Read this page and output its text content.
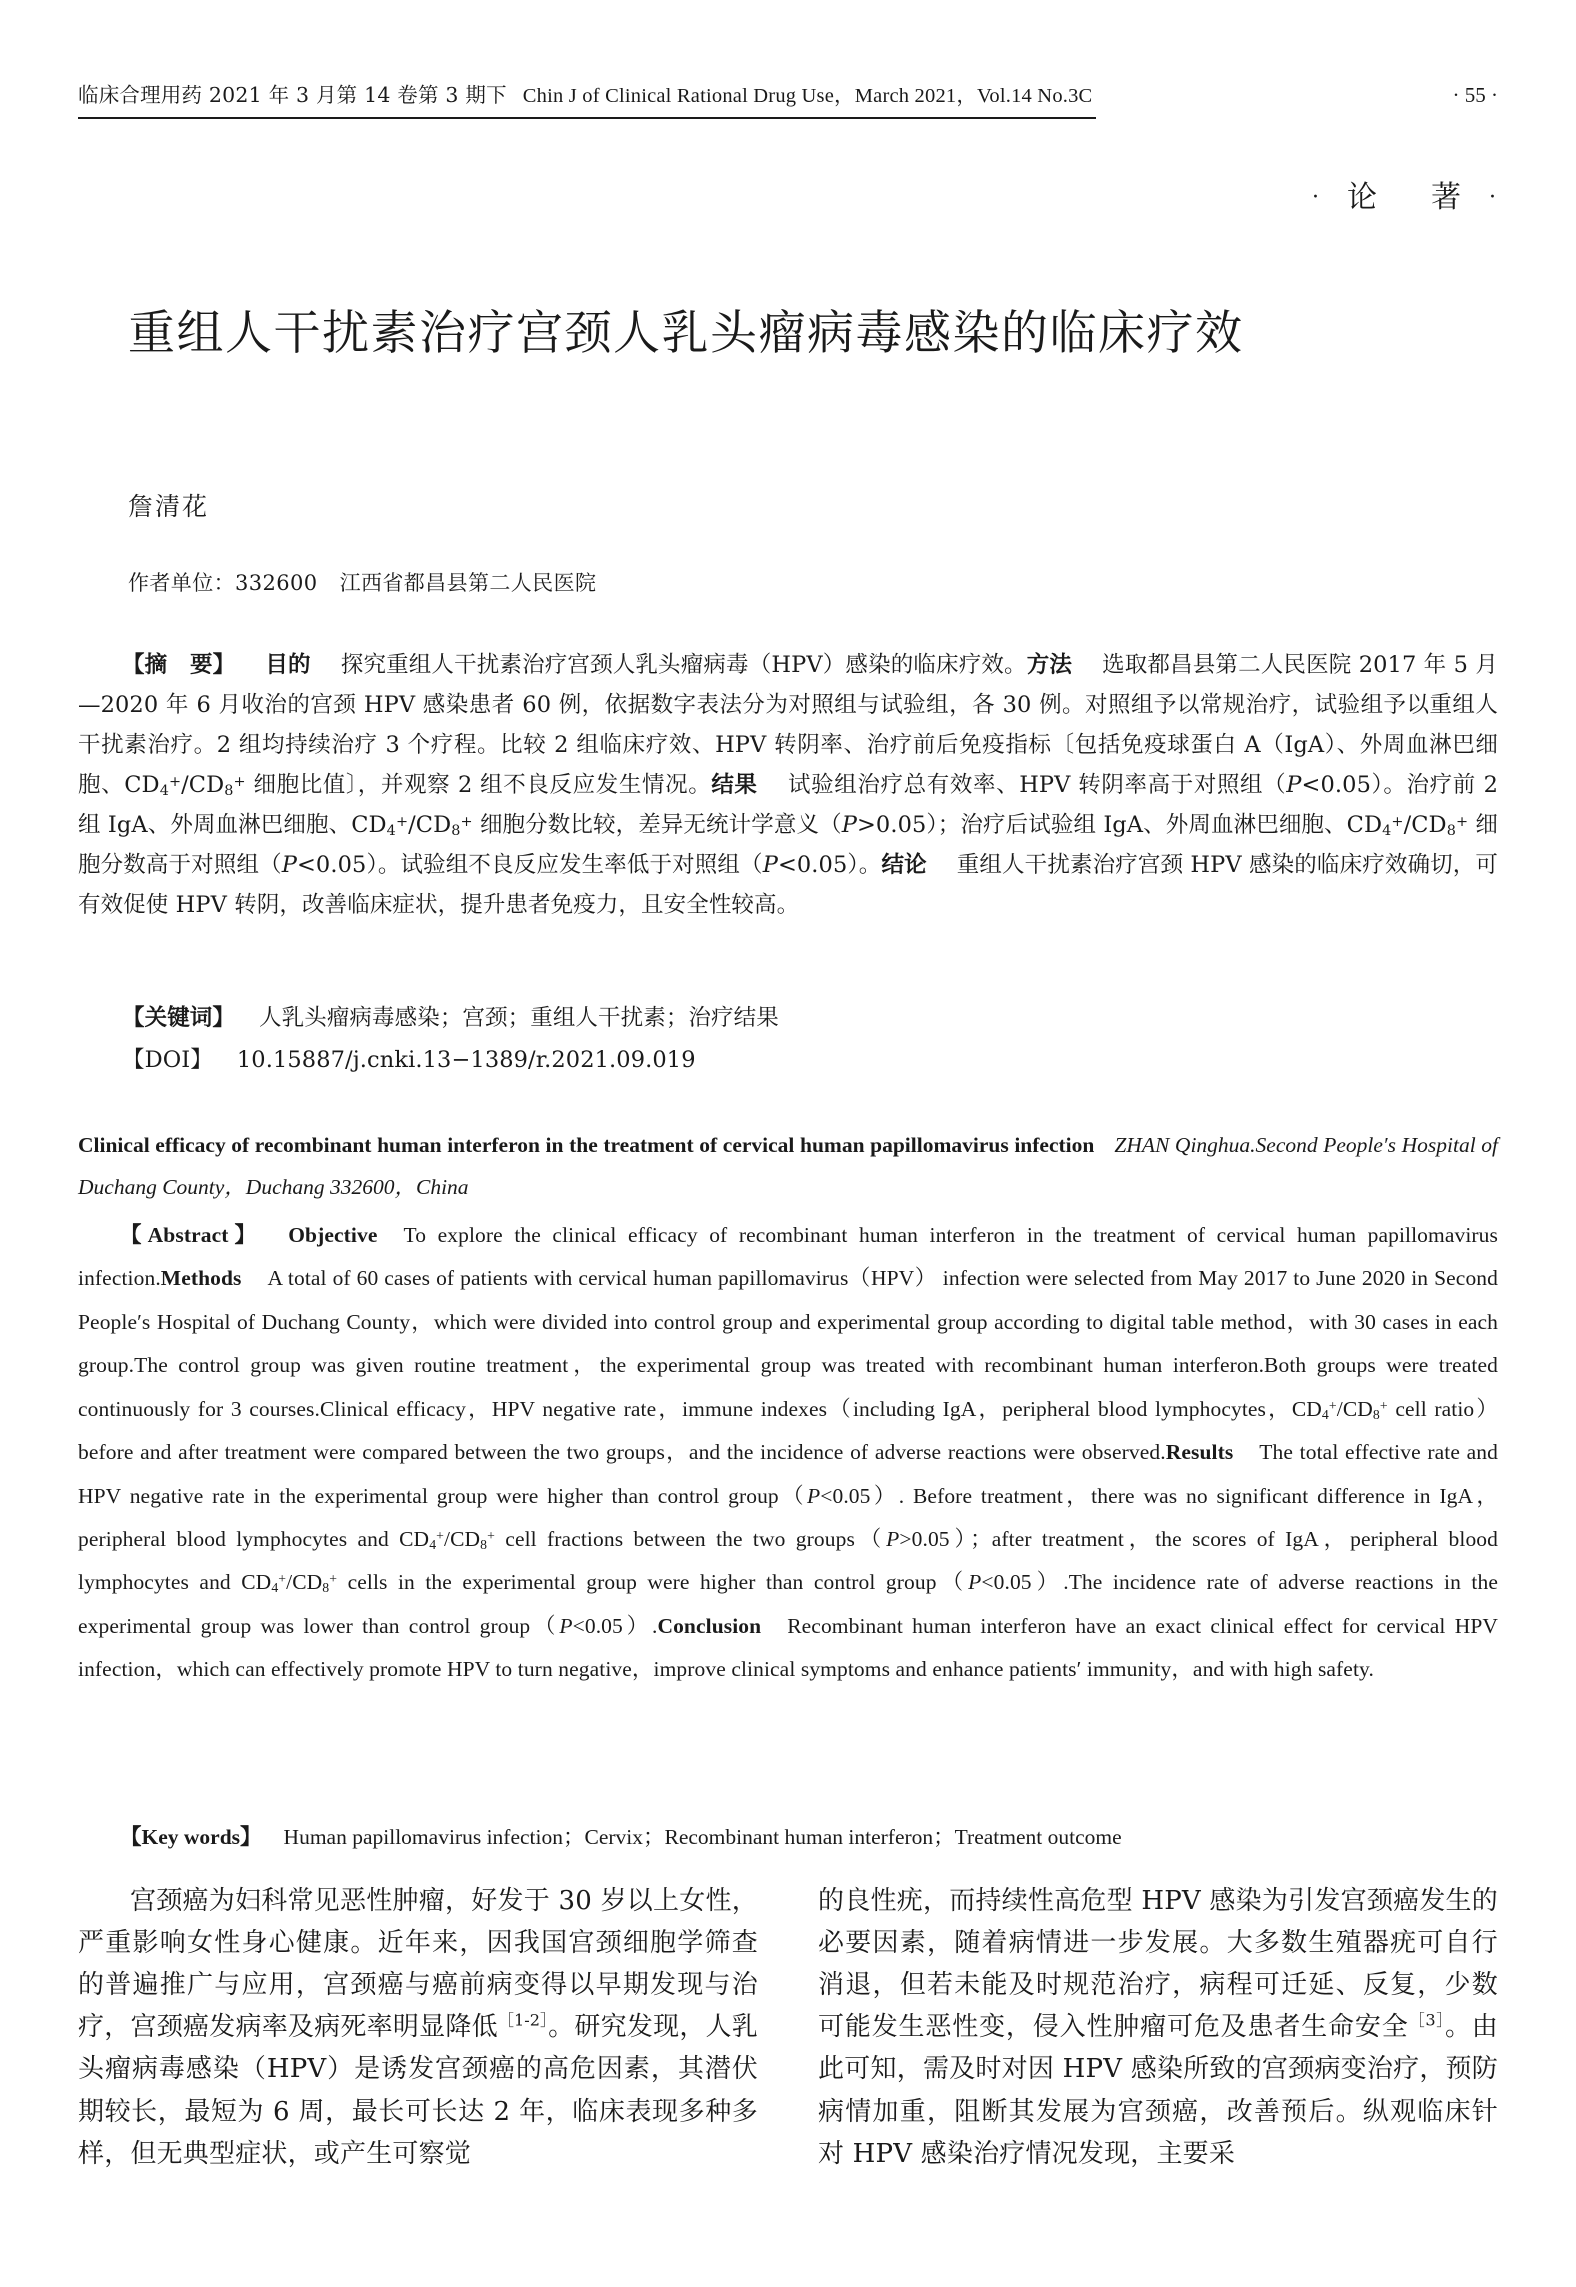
临床合理用药 2021 年 3 月第 14 卷第 3 期下 Chin J of Clinical Rational Drug Use，March 2021，Vol.14 No.3C	· 55 ·
· 论 著 ·
重组人干扰素治疗宫颈人乳头瘤病毒感染的临床疗效
詹清花
作者单位：332600 江西省都昌县第二人民医院
【摘　要】 目的 探究重组人干扰素治疗宫颈人乳头瘤病毒（HPV）感染的临床疗效。方法 选取都昌县第二人民医院 2017 年 5 月—2020 年 6 月收治的宫颈 HPV 感染患者 60 例，依据数字表法分为对照组与试验组，各 30 例。对照组予以常规治疗，试验组予以重组人干扰素治疗。2 组均持续治疗 3 个疗程。比较 2 组临床疗效、HPV 转阴率、治疗前后免疫指标〔包括免疫球蛋白 A（IgA）、外周血淋巴细胞、$CD_4^+/CD_8^+$ 细胞比值〕，并观察 2 组不良反应发生情况。结果 试验组治疗总有效率、HPV 转阴率高于对照组（P<0.05）。治疗前 2 组 IgA、外周血淋巴细胞、$CD_4^+/CD_8^+$ 细胞分数比较，差异无统计学意义（P>0.05）；治疗后试验组 IgA、外周血淋巴细胞、$CD_4^+/CD_8^+$ 细胞分数高于对照组（P<0.05）。试验组不良反应发生率低于对照组（P<0.05）。结论 重组人干扰素治疗宫颈 HPV 感染的临床疗效确切，可有效促使 HPV 转阴，改善临床症状，提升患者免疫力，且安全性较高。
【关键词】 人乳头瘤病毒感染；宫颈；重组人干扰素；治疗结果
【DOI】 10.15887/j.cnki.13−1389/r.2021.09.019
Clinical efficacy of recombinant human interferon in the treatment of cervical human papillomavirus infection ZHAN Qinghua.Second People′s Hospital of Duchang County，Duchang 332600，China
【Abstract】 Objective To explore the clinical efficacy of recombinant human interferon in the treatment of cervical human papillomavirus infection.Methods A total of 60 cases of patients with cervical human papillomavirus（HPV） infection were selected from May 2017 to June 2020 in Second People′s Hospital of Duchang County，which were divided into control group and experimental group according to digital table method，with 30 cases in each group.The control group was given routine treatment，the experimental group was treated with recombinant human interferon.Both groups were treated continuously for 3 courses.Clinical efficacy，HPV negative rate，immune indexes（including IgA，peripheral blood lymphocytes，$CD_4^+/CD_8^+$ cell ratio） before and after treatment were compared between the two groups，and the incidence of adverse reactions were observed.Results The total effective rate and HPV negative rate in the experimental group were higher than control group（P<0.05）. Before treatment，there was no significant difference in IgA，peripheral blood lymphocytes and $CD_4^+/CD_8^+$ cell fractions between the two groups（P>0.05）；after treatment，the scores of IgA，peripheral blood lymphocytes and $CD_4^+/CD_8^+$ cells in the experimental group were higher than control group（P<0.05）.The incidence rate of adverse reactions in the experimental group was lower than control group（P<0.05）.Conclusion Recombinant human interferon have an exact clinical effect for cervical HPV infection，which can effectively promote HPV to turn negative，improve clinical symptoms and enhance patients′ immunity，and with high safety.
【Key words】 Human papillomavirus infection；Cervix；Recombinant human interferon；Treatment outcome

宫颈癌为妇科常见恶性肿瘤，好发于 30 岁以上女性，严重影响女性身心健康。近年来，因我国宫颈细胞学筛查的普遍推广与应用，宫颈癌与癌前病变得以早期发现与治疗，宫颈癌发病率及病死率明显降低$^{[1-2]}$。研究发现，人乳头瘤病毒感染（HPV）是诱发宫颈癌的高危因素，其潜伏期较长，最短为 6 周，最长可长达 2 年，临床表现多种多样，但无典型症状，或产生可察觉

的良性疣，而持续性高危型 HPV 感染为引发宫颈癌发生的必要因素，随着病情进一步发展。大多数生殖器疣可自行消退，但若未能及时规范治疗，病程可迁延、反复，少数可能发生恶性变，侵入性肿瘤可危及患者生命安全$^{[3]}$。由此可知，需及时对因 HPV 感染所致的宫颈病变治疗，预防病情加重，阻断其发展为宫颈癌，改善预后。纵观临床针对 HPV 感染治疗情况发现，主要采
